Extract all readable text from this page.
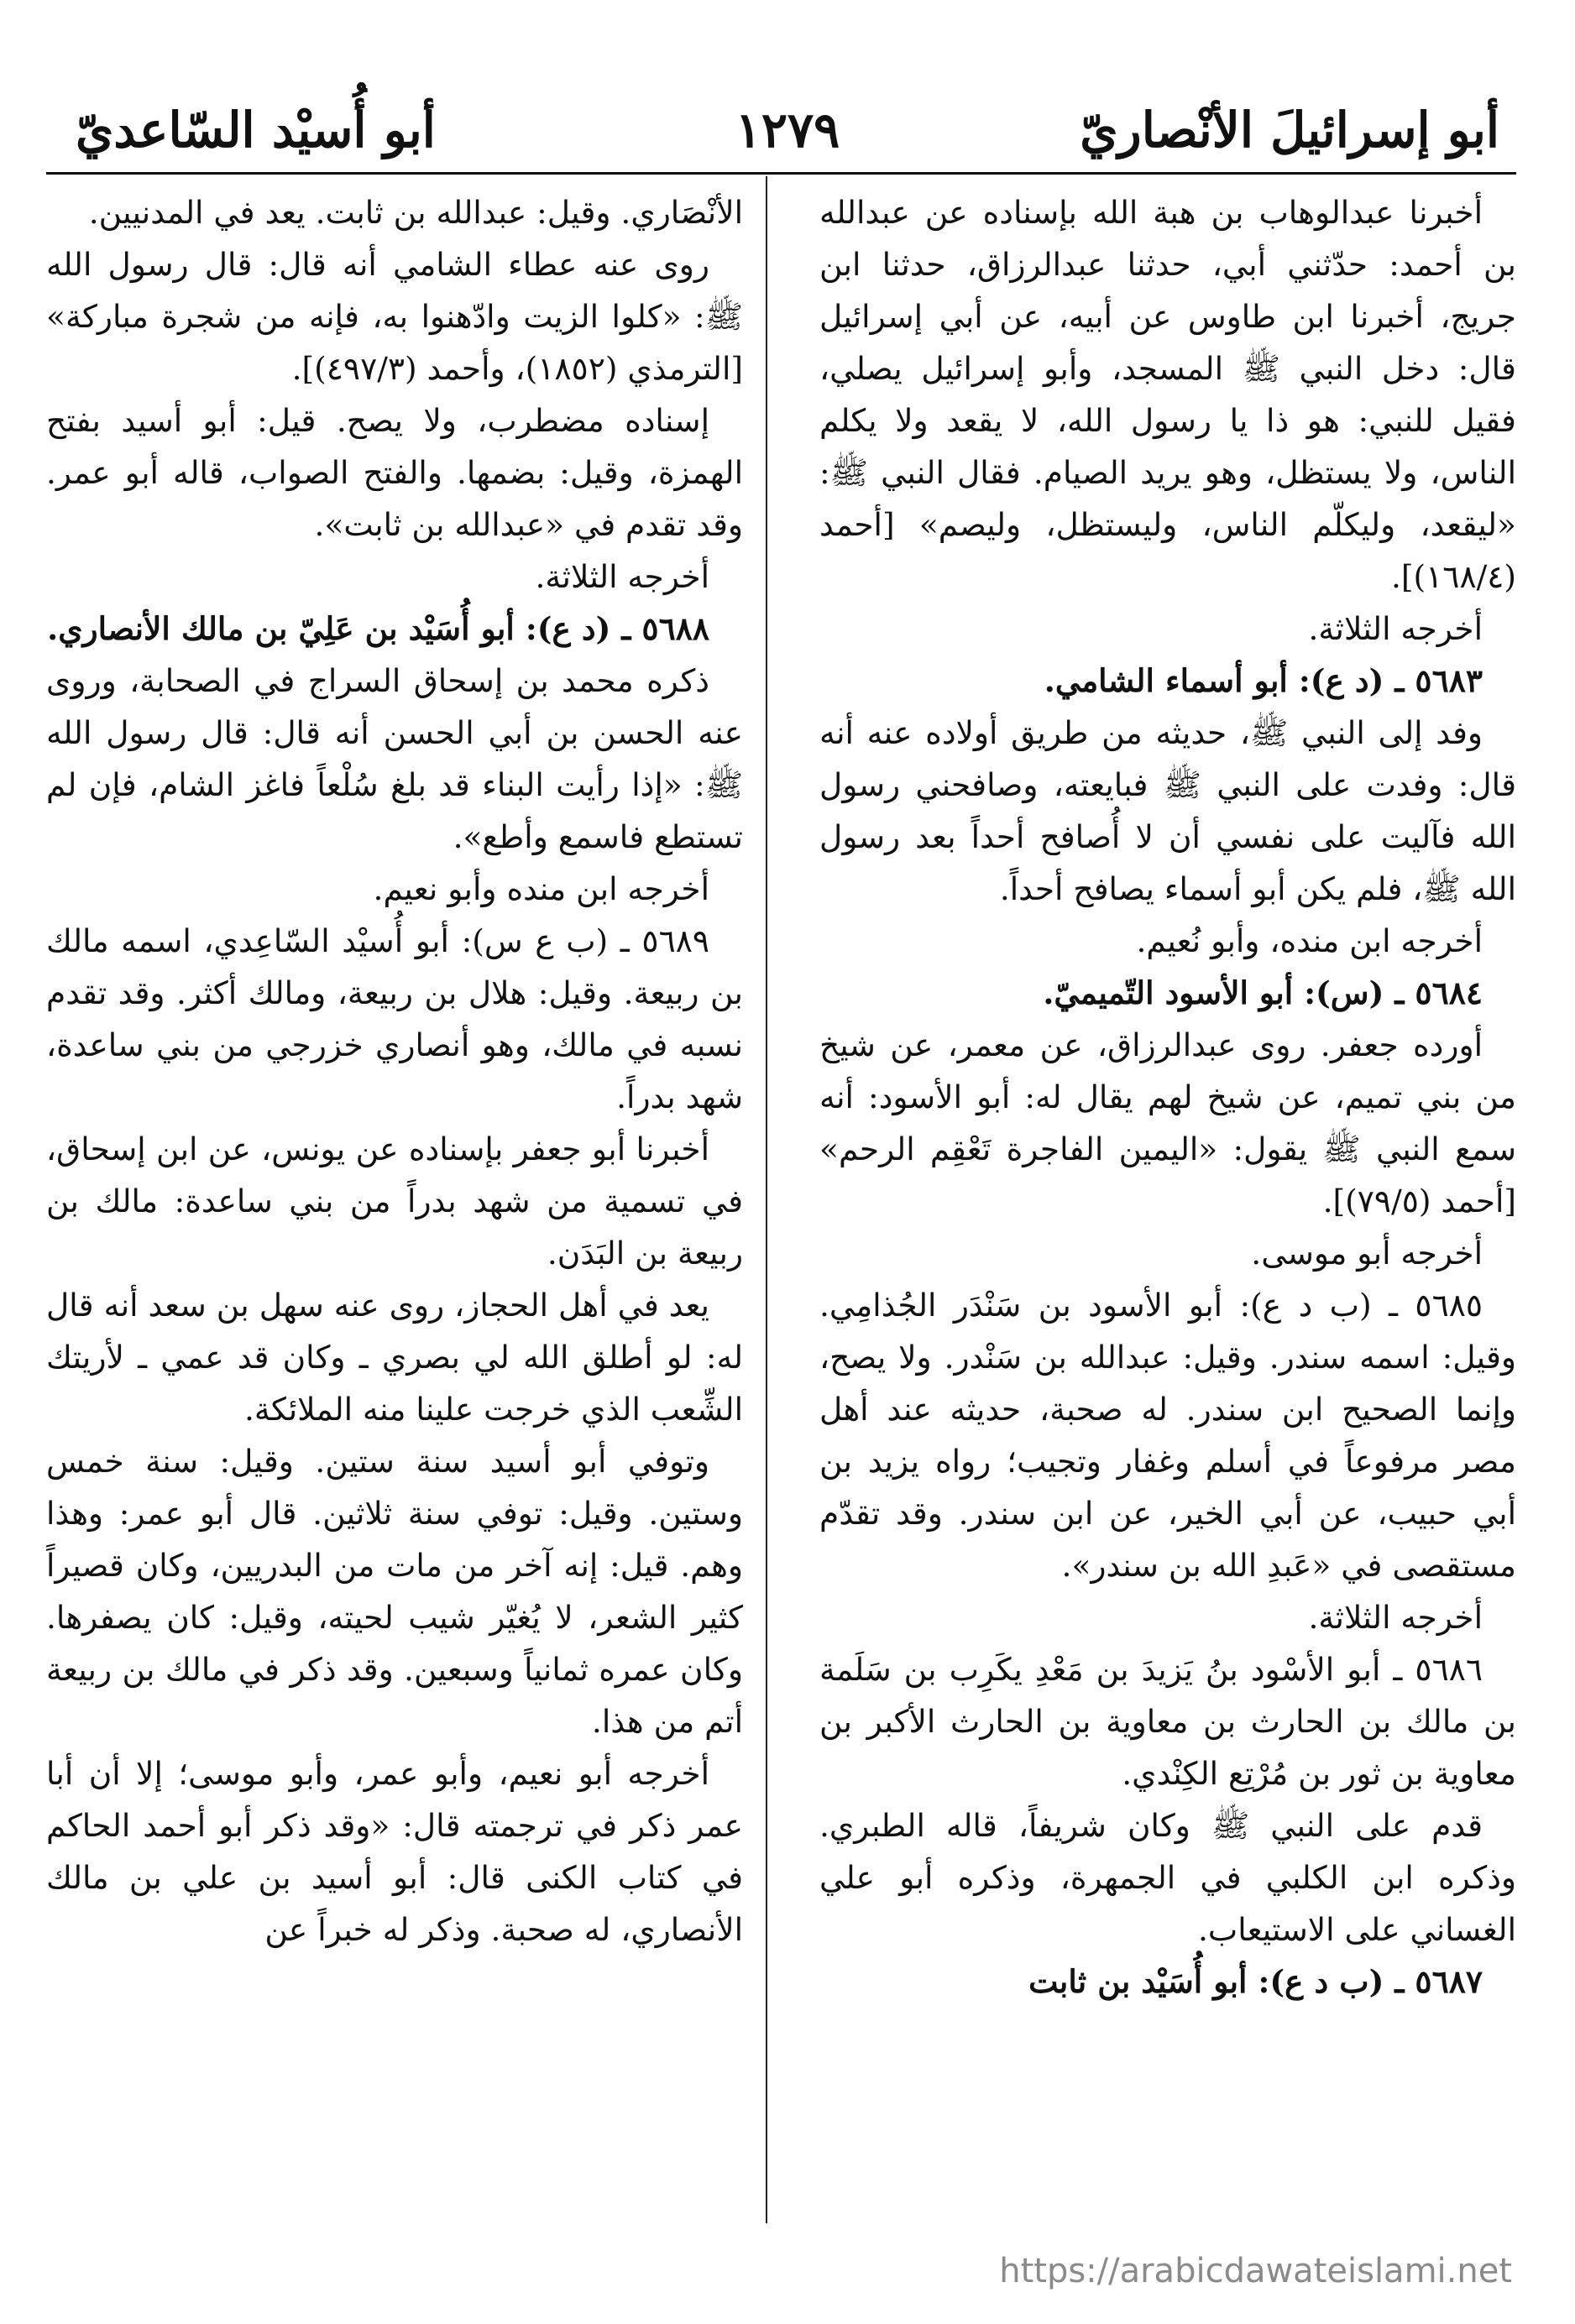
أبو إسرائيلَ الأنْصاريّ
١٢٧٩
أبو أُسيْد السّاعديّ

أخبرنا عبدالوهاب بن هبة الله بإسناده عن عبدالله بن أحمد: حدّثني أبي، حدثنا عبدالرزاق، حدثنا ابن جريج، أخبرنا ابن طاوس عن أبيه، عن أبي إسرائيل قال: دخل النبي ﷺ المسجد، وأبو إسرائيل يصلي، فقيل للنبي: هو ذا يا رسول الله، لا يقعد ولا يكلم الناس، ولا يستظل، وهو يريد الصيام. فقال النبي ﷺ: «ليقعد، وليكلّم الناس، وليستظل، وليصم» [أحمد (١٦٨/٤)].

أخرجه الثلاثة.

٥٦٨٣ ـ (د ع): أبو أسماء الشامي.

وفد إلى النبي ﷺ، حديثه من طريق أولاده عنه أنه قال: وفدت على النبي ﷺ فبايعته، وصافحني رسول الله فآليت على نفسي أن لا أُصافح أحداً بعد رسول الله ﷺ، فلم يكن أبو أسماء يصافح أحداً.

أخرجه ابن منده، وأبو نُعيم.

٥٦٨٤ ـ (س): أبو الأسود التّميميّ.

أورده جعفر. روى عبدالرزاق، عن معمر، عن شيخ من بني تميم، عن شيخ لهم يقال له: أبو الأسود: أنه سمع النبي ﷺ يقول: «اليمين الفاجرة تَعْقِم الرحم» [أحمد (٧٩/٥)].

أخرجه أبو موسى.

٥٦٨٥ ـ (ب د ع): أبو الأسود بن سَنْدَر الجُذامِي. وقيل: اسمه سندر. وقيل: عبدالله بن سَنْدر. ولا يصح، وإنما الصحيح ابن سندر. له صحبة، حديثه عند أهل مصر مرفوعاً في أسلم وغفار وتجيب؛ رواه يزيد بن أبي حبيب، عن أبي الخير، عن ابن سندر. وقد تقدّم مستقصى في «عَبدِ الله بن سندر».

أخرجه الثلاثة.

٥٦٨٦ ـ أبو الأسْود بنُ يَزيدَ بن مَعْدِ يكَرِب بن سَلَمة بن مالك بن الحارث بن معاوية بن الحارث الأكبر بن معاوية بن ثور بن مُرْتِع الكِنْدي.

قدم على النبي ﷺ وكان شريفاً، قاله الطبري. وذكره ابن الكلبي في الجمهرة، وذكره أبو علي الغساني على الاستيعاب.

٥٦٨٧ ـ (ب د ع): أبو أُسَيْد بن ثابت

الأنْصَاري. وقيل: عبدالله بن ثابت. يعد في المدنيين.

روى عنه عطاء الشامي أنه قال: قال رسول الله ﷺ: «كلوا الزيت وادّهنوا به، فإنه من شجرة مباركة» [الترمذي (١٨٥٢)، وأحمد (٤٩٧/٣)].

إسناده مضطرب، ولا يصح. قيل: أبو أسيد بفتح الهمزة، وقيل: بضمها. والفتح الصواب، قاله أبو عمر. وقد تقدم في «عبدالله بن ثابت».

أخرجه الثلاثة.

٥٦٨٨ ـ (د ع): أبو أُسَيْد بن عَلِيّ بن مالك الأنصاري.

ذكره محمد بن إسحاق السراج في الصحابة، وروى عنه الحسن بن أبي الحسن أنه قال: قال رسول الله ﷺ: «إذا رأيت البناء قد بلغ سُلْعاً فاغز الشام، فإن لم تستطع فاسمع وأطع».

أخرجه ابن منده وأبو نعيم.

٥٦٨٩ ـ (ب ع س): أبو أُسيْد السّاعِدي، اسمه مالك بن ربيعة. وقيل: هلال بن ربيعة، ومالك أكثر. وقد تقدم نسبه في مالك، وهو أنصاري خزرجي من بني ساعدة، شهد بدراً.

أخبرنا أبو جعفر بإسناده عن يونس، عن ابن إسحاق، في تسمية من شهد بدراً من بني ساعدة: مالك بن ربيعة بن البَدَن.

يعد في أهل الحجاز، روى عنه سهل بن سعد أنه قال له: لو أطلق الله لي بصري ـ وكان قد عمي ـ لأريتك الشِّعب الذي خرجت علينا منه الملائكة.

وتوفي أبو أسيد سنة ستين. وقيل: سنة خمس وستين. وقيل: توفي سنة ثلاثين. قال أبو عمر: وهذا وهم. قيل: إنه آخر من مات من البدريين، وكان قصيراً كثير الشعر، لا يُغيّر شيب لحيته، وقيل: كان يصفرها. وكان عمره ثمانياً وسبعين. وقد ذكر في مالك بن ربيعة أتم من هذا.

أخرجه أبو نعيم، وأبو عمر، وأبو موسى؛ إلا أن أبا عمر ذكر في ترجمته قال: «وقد ذكر أبو أحمد الحاكم في كتاب الكنى قال: أبو أسيد بن علي بن مالك الأنصاري، له صحبة. وذكر له خبراً عن

https://arabicdawateislami.net
